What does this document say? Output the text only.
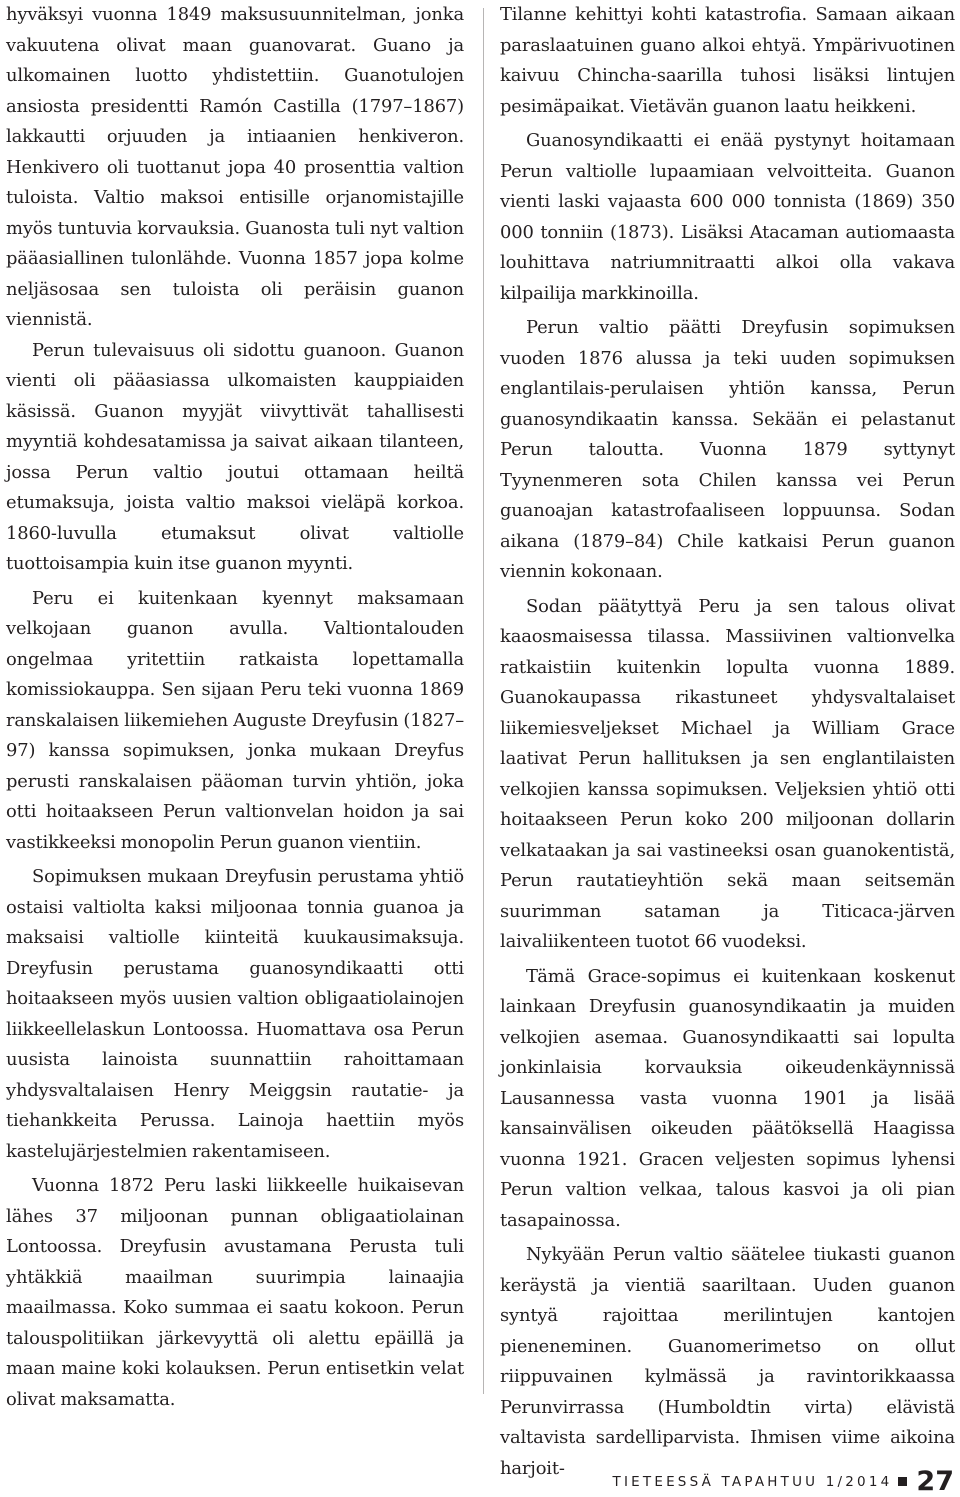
hyväksyi vuonna 1849 maksusuunnitelman, jonka vakuutena olivat maan guanovarat. Guano ja ulkomainen luotto yhdistettiin. Guanotulojen ansiosta presidentti Ramón Castilla (1797–1867) lakkautti orjuuden ja intiaanien henkiveron. Henkivero oli tuottanut jopa 40 prosenttia valtion tuloista. Valtio maksoi entisille orjanomistajille myös tuntuvia korvauksia. Guanosta tuli nyt valtion pääasiallinen tulonlähde. Vuonna 1857 jopa kolme neljäsosaa sen tuloista oli peräisin guanon viennistä.

Perun tulevaisuus oli sidottu guanoon. Guanon vienti oli pääasiassa ulkomaisten kauppiaiden käsissä. Guanon myyjät viivyttivät tahallisesti myyntiä kohdesatamissa ja saivat aikaan tilanteen, jossa Perun valtio joutui ottamaan heiltä etumaksuja, joista valtio maksoi vieläpä korkoa. 1860-luvulla etumaksut olivat valtiolle tuottoisampia kuin itse guanon myynti.

Peru ei kuitenkaan kyennyt maksamaan velkojaan guanon avulla. Valtiontalouden ongelmaa yritettiin ratkaista lopettamalla komissiokauppa. Sen sijaan Peru teki vuonna 1869 ranskalaisen liikemiehen Auguste Dreyfusin (1827–97) kanssa sopimuksen, jonka mukaan Dreyfus perusti ranskalaisen pääoman turvin yhtiön, joka otti hoitaakseen Perun valtionvelan hoidon ja sai vastikkeeksi monopolin Perun guanon vientiin.

Sopimuksen mukaan Dreyfusin perustama yhtiö ostaisi valtiolta kaksi miljoonaa tonnia guanoa ja maksaisi valtiolle kiinteitä kuukausimaksuja. Dreyfusin perustama guanosyndikaatti otti hoitaakseen myös uusien valtion obligaatiolainojen liikkeellelaskun Lontoossa. Huomattava osa Perun uusista lainoista suunnattiin rahoittamaan yhdysvaltalaisen Henry Meiggsin rautatie- ja tiehankkeita Perussa. Lainoja haettiin myös kastelujärjestelmien rakentamiseen.

Vuonna 1872 Peru laski liikkeelle huikaisevan lähes 37 miljoonan punnan obligaatiolainan Lontoossa. Dreyfusin avustamana Perusta tuli yhtäkkiä maailman suurimpia lainaajia maailmassa. Koko summaa ei saatu kokoon. Perun talouspolitiikan järkevyyttä oli alettu epäillä ja maan maine koki kolauksen. Perun entisetkin velat olivat maksamatta.

Tilanne kehittyi kohti katastrofia. Samaan aikaan paraslaatuinen guano alkoi ehtyä. Ympärivuotinen kaivuu Chincha-saarilla tuhosi lisäksi lintujen pesimäpaikat. Vietävän guanon laatu heikkeni.

Guanosyndikaatti ei enää pystynyt hoitamaan Perun valtiolle lupaamiaan velvoitteita. Guanon vienti laski vajaasta 600 000 tonnista (1869) 350 000 tonniin (1873). Lisäksi Atacaman autiomaasta louhittava natriumnitraatti alkoi olla vakava kilpailija markkinoilla.

Perun valtio päätti Dreyfusin sopimuksen vuoden 1876 alussa ja teki uuden sopimuksen englantilais-perulaisen yhtiön kanssa, Perun guanosyndikaatin kanssa. Sekään ei pelastanut Perun taloutta. Vuonna 1879 syttynyt Tyynenmeren sota Chilen kanssa vei Perun guanoajan katastrofaaliseen loppuunsa. Sodan aikana (1879–84) Chile katkaisi Perun guanon viennin kokonaan.

Sodan päätyttyä Peru ja sen talous olivat kaaosmaisessa tilassa. Massiivinen valtionvelka ratkaistiin kuitenkin lopulta vuonna 1889. Guanokaupassa rikastuneet yhdysvaltalaiset liikemiesveljekset Michael ja William Grace laativat Perun hallituksen ja sen englantilaisten velkojien kanssa sopimuksen. Veljeksien yhtiö otti hoitaakseen Perun koko 200 miljoonan dollarin velkataakan ja sai vastineeksi osan guanokentistä, Perun rautatieyhtiön sekä maan seitsemän suurimman sataman ja Titicaca-järven laivaliikenteen tuotot 66 vuodeksi.

Tämä Grace-sopimus ei kuitenkaan koskenut lainkaan Dreyfusin guanosyndikaatin ja muiden velkojien asemaa. Guanosyndikaatti sai lopulta jonkinlaisia korvauksia oikeudenkäynnissä Lausannessa vasta vuonna 1901 ja lisää kansainvälisen oikeuden päätöksellä Haagissa vuonna 1921. Gracen veljesten sopimus lyhensi Perun valtion velkaa, talous kasvoi ja oli pian tasapainossa.

Nykyään Perun valtio säätelee tiukasti guanon keräystä ja vientiä saariltaan. Uuden guanon syntyä rajoittaa merilintujen kantojen pieneneminen. Guanomerimetso on ollut riippuvainen kylmässä ja ravintorikkaassa Perunvirrassa (Humboldtin virta) elävistä valtavista sardelliparvista. Ihmisen viime aikoina harjoit-

TIETEESSÄ TAPAHTUU 1/2014 27
